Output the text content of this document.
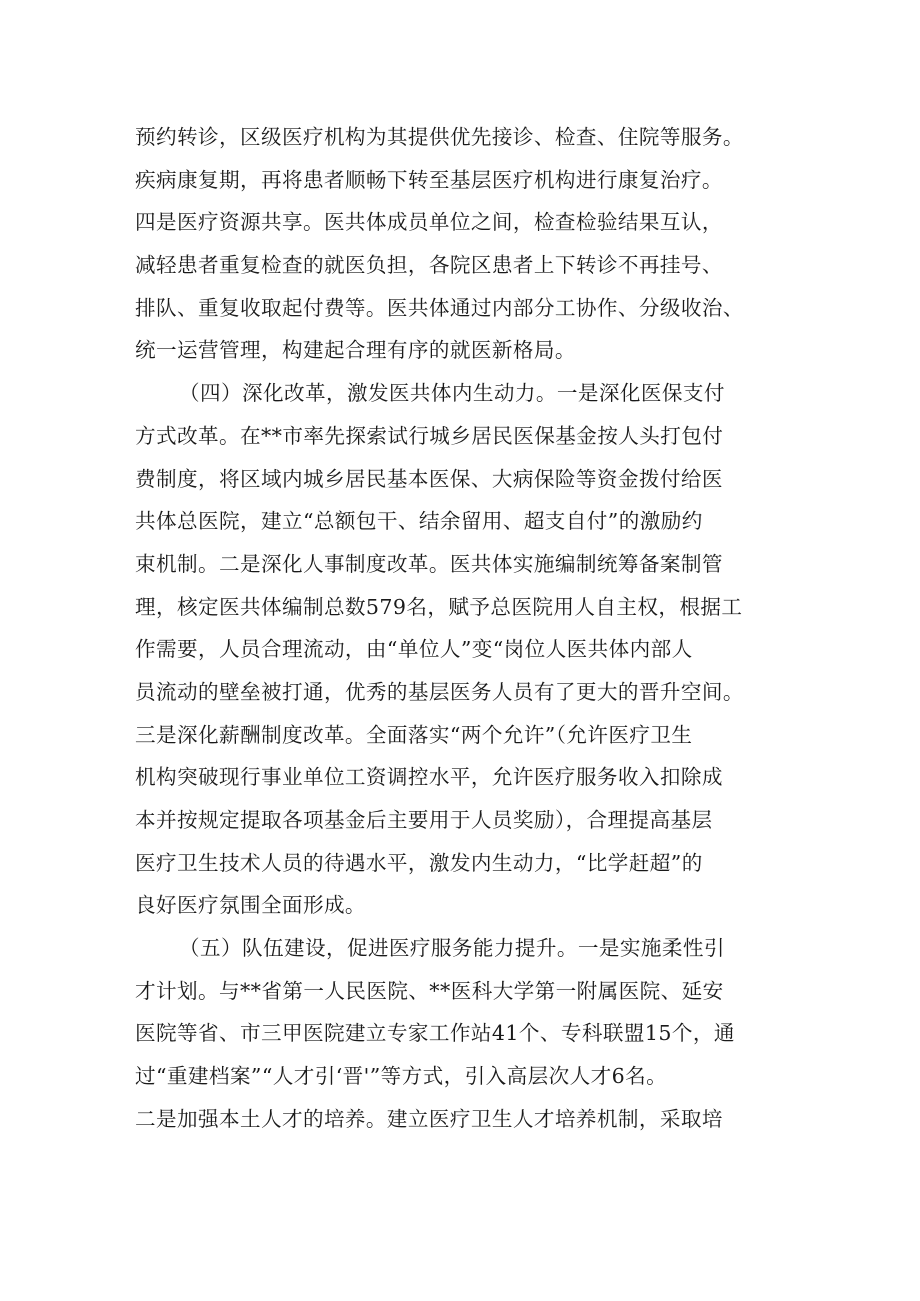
预约转诊，区级医疗机构为其提供优先接诊、检查、住院等服务。
疾病康复期，再将患者顺畅下转至基层医疗机构进行康复治疗。
四是医疗资源共享。医共体成员单位之间，检查检验结果互认，
减轻患者重复检查的就医负担，各院区患者上下转诊不再挂号、
排队、重复收取起付费等。医共体通过内部分工协作、分级收治、
统一运营管理，构建起合理有序的就医新格局。
（四）深化改革，激发医共体内生动力。一是深化医保支付
方式改革。在**市率先探索试行城乡居民医保基金按人头打包付
费制度，将区域内城乡居民基本医保、大病保险等资金拨付给医
共体总医院，建立“总额包干、结余留用、超支自付”的激励约
束机制。二是深化人事制度改革。医共体实施编制统筹备案制管
理，核定医共体编制总数579名，赋予总医院用人自主权，根据工
作需要，人员合理流动，由“单位人”变“岗位人医共体内部人
员流动的壁垒被打通，优秀的基层医务人员有了更大的晋升空间。
三是深化薪酬制度改革。全面落实“两个允许”（允许医疗卫生
机构突破现行事业单位工资调控水平，允许医疗服务收入扣除成
本并按规定提取各项基金后主要用于人员奖励），合理提高基层
医疗卫生技术人员的待遇水平，激发内生动力，“比学赶超”的
良好医疗氛围全面形成。
（五）队伍建设，促进医疗服务能力提升。一是实施柔性引
才计划。与**省第一人民医院、**医科大学第一附属医院、延安
医院等省、市三甲医院建立专家工作站41个、专科联盟15个，通
过“重建档案”“人才引‘晋'”等方式，引入高层次人才6名。
二是加强本土人才的培养。建立医疗卫生人才培养机制，采取培
